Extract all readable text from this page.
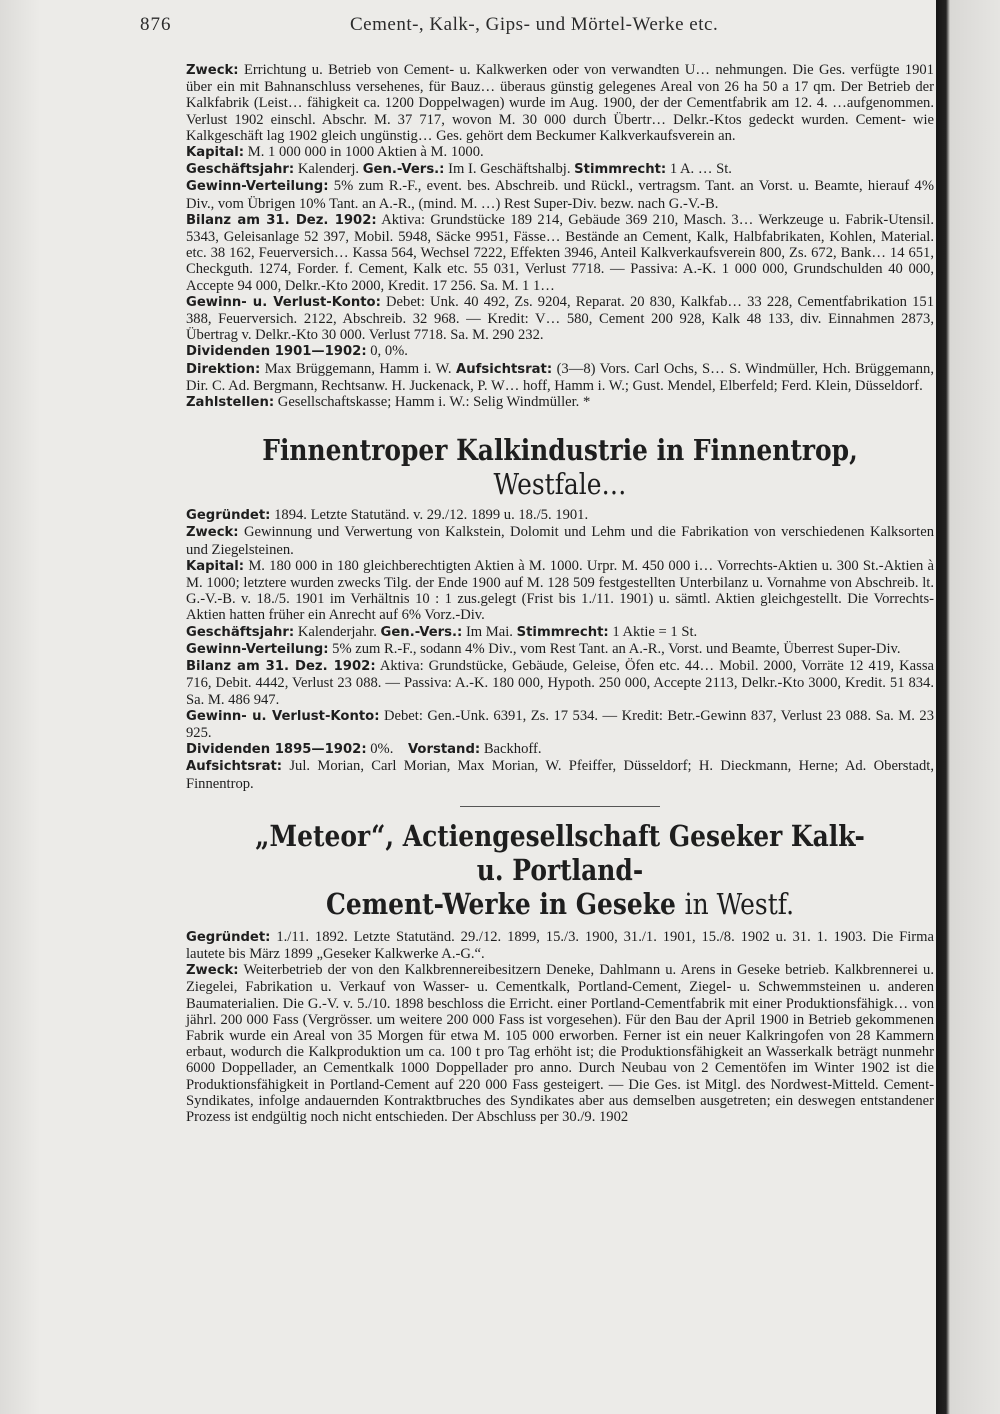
876	Cement-, Kalk-, Gips- und Mörtel-Werke etc.

Zweck: Errichtung u. Betrieb von Cement- u. Kalkwerken oder von verwandten U… nehmungen. Die Ges. verfügte 1901 über ein mit Bahnanschluss versehenes, für Bauz… überaus günstig gelegenes Areal von 26 ha 50 a 17 qm. Der Betrieb der Kalkfabrik (Leist… fähigkeit ca. 1200 Doppelwagen) wurde im Aug. 1900, der der Cementfabrik am 12. 4. …aufgenommen. Verlust 1902 einschl. Abschr. M. 37 717, wovon M. 30 000 durch Übertr… Delkr.-Ktos gedeckt wurden. Cement- wie Kalkgeschäft lag 1902 gleich ungünstig… Ges. gehört dem Beckumer Kalkverkaufsverein an.

Kapital: M. 1 000 000 in 1000 Aktien à M. 1000.

Geschäftsjahr: Kalenderj. Gen.-Vers.: Im I. Geschäftshalbj. Stimmrecht: 1 A. … St.

Gewinn-Verteilung: 5% zum R.-F., event. bes. Abschreib. und Rückl., vertragsm. Tant. an Vorst. u. Beamte, hierauf 4% Div., vom Übrigen 10% Tant. an A.-R., (mind. M. …) Rest Super-Div. bezw. nach G.-V.-B.

Bilanz am 31. Dez. 1902: Aktiva: Grundstücke 189 214, Gebäude 369 210, Masch. 3… Werkzeuge u. Fabrik-Utensil. 5343, Geleisanlage 52 397, Mobil. 5948, Säcke 9951, Fässe… Bestände an Cement, Kalk, Halbfabrikaten, Kohlen, Material. etc. 38 162, Feuerversich… Kassa 564, Wechsel 7222, Effekten 3946, Anteil Kalkverkaufsverein 800, Zs. 672, Bank… 14 651, Checkguth. 1274, Forder. f. Cement, Kalk etc. 55 031, Verlust 7718. — Passiva: A.-K. 1 000 000, Grundschulden 40 000, Accepte 94 000, Delkr.-Kto 2000, Kredit. 17 256. Sa. M. 1 1…

Gewinn- u. Verlust-Konto: Debet: Unk. 40 492, Zs. 9204, Reparat. 20 830, Kalkfab… 33 228, Cementfabrikation 151 388, Feuerversich. 2122, Abschreib. 32 968. — Kredit: V… 580, Cement 200 928, Kalk 48 133, div. Einnahmen 2873, Übertrag v. Delkr.-Kto 30 000. Verlust 7718. Sa. M. 290 232.

Dividenden 1901—1902: 0, 0%.

Direktion: Max Brüggemann, Hamm i. W. Aufsichtsrat: (3—8) Vors. Carl Ochs, S… S. Windmüller, Hch. Brüggemann, Dir. C. Ad. Bergmann, Rechtsanw. H. Juckenack, P. W… hoff, Hamm i. W.; Gust. Mendel, Elberfeld; Ferd. Klein, Düsseldorf.

Zahlstellen: Gesellschaftskasse; Hamm i. W.: Selig Windmüller. *

Finnentroper Kalkindustrie in Finnentrop, Westfale…

Gegründet: 1894. Letzte Statutänd. v. 29./12. 1899 u. 18./5. 1901.

Zweck: Gewinnung und Verwertung von Kalkstein, Dolomit und Lehm und die Fabrikation von verschiedenen Kalksorten und Ziegelsteinen.

Kapital: M. 180 000 in 180 gleichberechtigten Aktien à M. 1000. Urpr. M. 450 000 i… Vorrechts-Aktien u. 300 St.-Aktien à M. 1000; letztere wurden zwecks Tilg. der Ende 1900 auf M. 128 509 festgestellten Unterbilanz u. Vornahme von Abschreib. lt. G.-V.-B. v. 18./5. 1901 im Verhältnis 10 : 1 zus.gelegt (Frist bis 1./11. 1901) u. sämtl. Aktien gleichgestellt. Die Vorrechts-Aktien hatten früher ein Anrecht auf 6% Vorz.-Div.

Geschäftsjahr: Kalenderjahr. Gen.-Vers.: Im Mai. Stimmrecht: 1 Aktie = 1 St.

Gewinn-Verteilung: 5% zum R.-F., sodann 4% Div., vom Rest Tant. an A.-R., Vorst. und Beamte, Überrest Super-Div.

Bilanz am 31. Dez. 1902: Aktiva: Grundstücke, Gebäude, Geleise, Öfen etc. 44… Mobil. 2000, Vorräte 12 419, Kassa 716, Debit. 4442, Verlust 23 088. — Passiva: A.-K. 180 000, Hypoth. 250 000, Accepte 2113, Delkr.-Kto 3000, Kredit. 51 834. Sa. M. 486 947.

Gewinn- u. Verlust-Konto: Debet: Gen.-Unk. 6391, Zs. 17 534. — Kredit: Betr.-Gewinn 837, Verlust 23 088. Sa. M. 23 925.

Dividenden 1895—1902: 0%. Vorstand: Backhoff.

Aufsichtsrat: Jul. Morian, Carl Morian, Max Morian, W. Pfeiffer, Düsseldorf; H. Dieckmann, Herne; Ad. Oberstadt, Finnentrop.

„Meteor“, Actiengesellschaft Geseker Kalk- u. Portland-

Cement-Werke in Geseke in Westf.

Gegründet: 1./11. 1892. Letzte Statutänd. 29./12. 1899, 15./3. 1900, 31./1. 1901, 15./8. 1902 u. 31. 1. 1903. Die Firma lautete bis März 1899 „Geseker Kalkwerke A.-G.“.

Zweck: Weiterbetrieb der von den Kalkbrennereibesitzern Deneke, Dahlmann u. Arens in Geseke betrieb. Kalkbrennerei u. Ziegelei, Fabrikation u. Verkauf von Wasser- u. Cementkalk, Portland-Cement, Ziegel- u. Schwemmsteinen u. anderen Baumaterialien. Die G.-V. v. 5./10. 1898 beschloss die Erricht. einer Portland-Cementfabrik mit einer Produktionsfähigk… von jährl. 200 000 Fass (Vergrösser. um weitere 200 000 Fass ist vorgesehen). Für den Bau der April 1900 in Betrieb gekommenen Fabrik wurde ein Areal von 35 Morgen für etwa M. 105 000 erworben. Ferner ist ein neuer Kalkringofen von 28 Kammern erbaut, wodurch die Kalkproduktion um ca. 100 t pro Tag erhöht ist; die Produktionsfähigkeit an Wasserkalk beträgt nunmehr 6000 Doppellader, an Cementkalk 1000 Doppellader pro anno. Durch Neubau von 2 Cementöfen im Winter 1902 ist die Produktionsfähigkeit in Portland-Cement auf 220 000 Fass gesteigert. — Die Ges. ist Mitgl. des Nordwest-Mitteld. Cement-Syndikates, infolge andauernden Kontraktbruches des Syndikates aber aus demselben ausgetreten; ein deswegen entstandener Prozess ist endgültig noch nicht entschieden. Der Abschluss per 30./9. 1902
